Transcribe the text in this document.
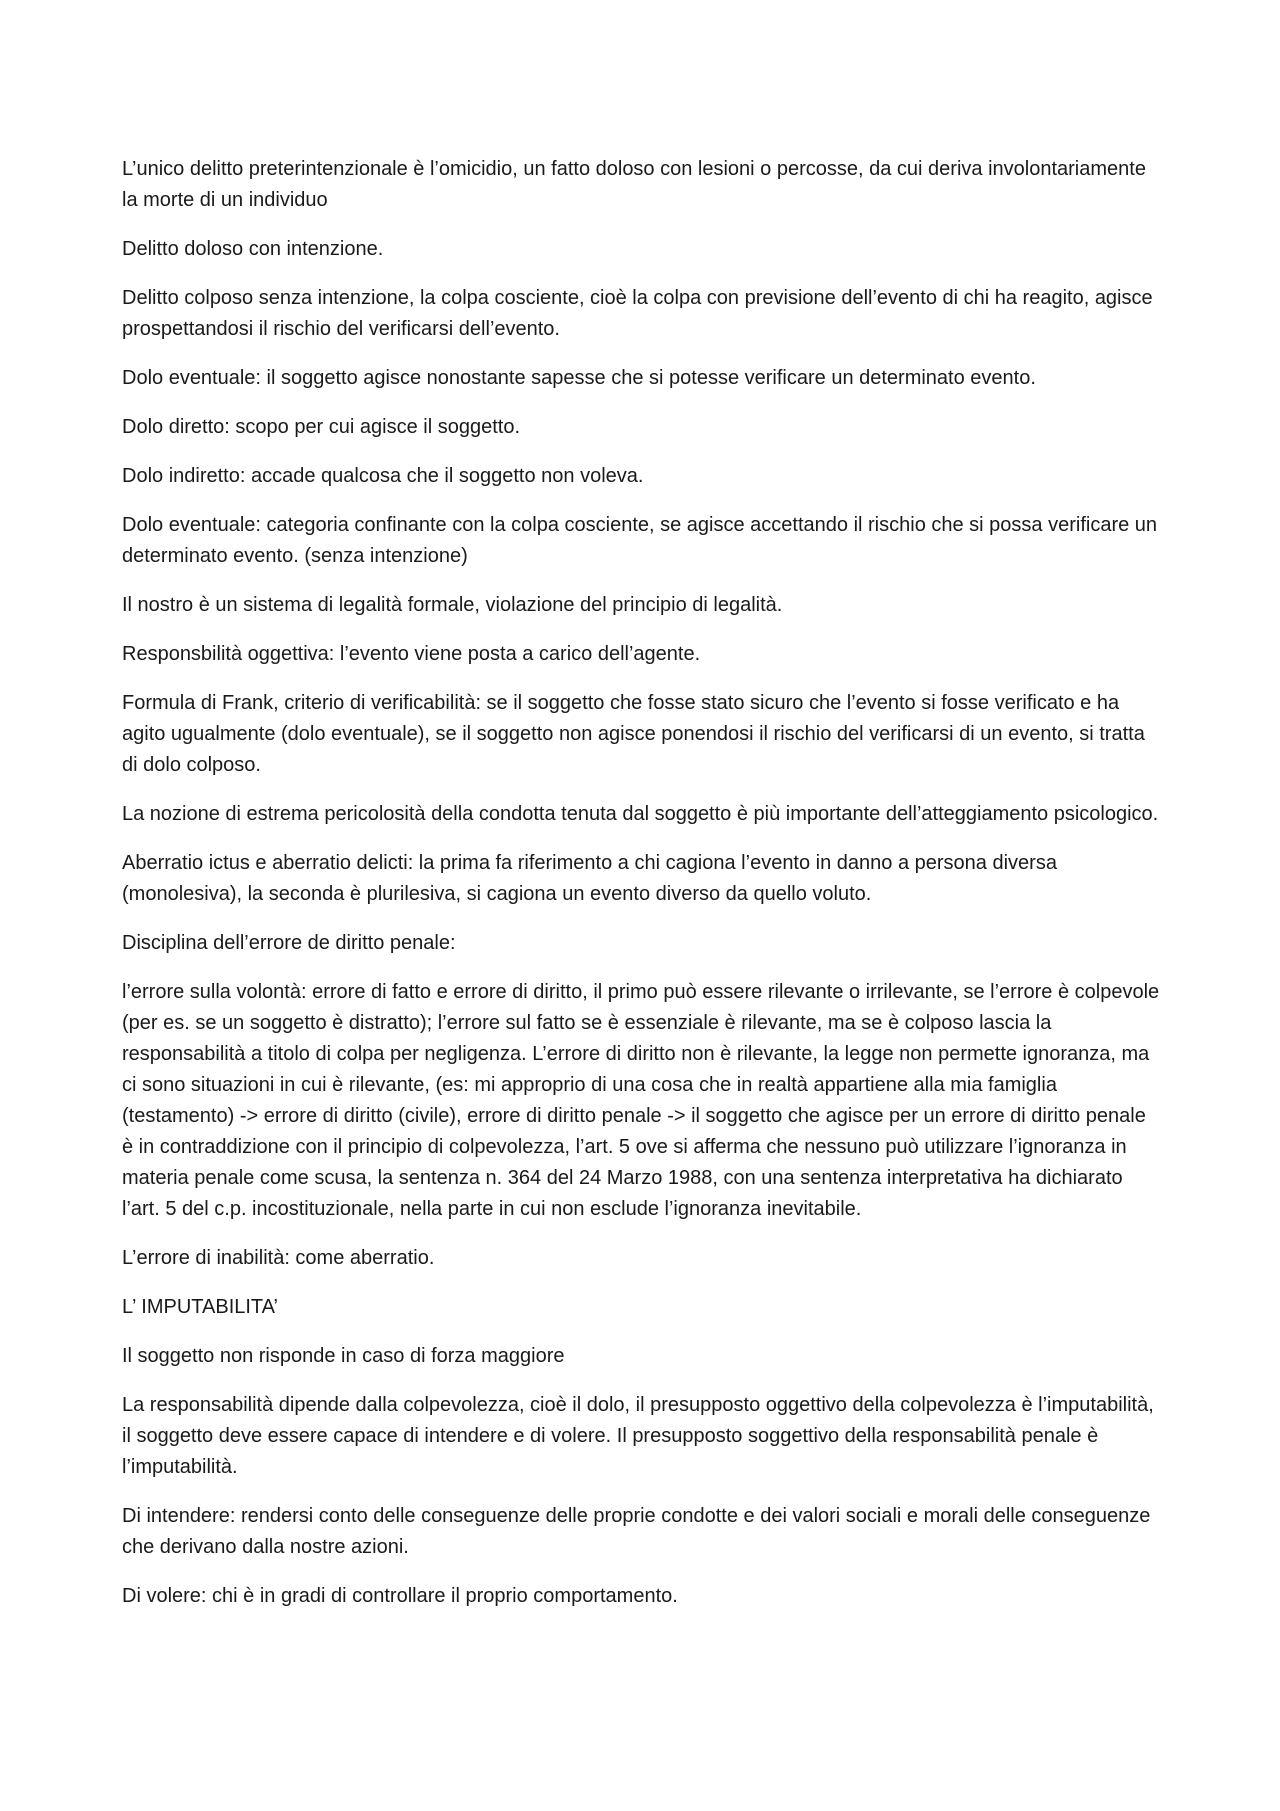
L’unico delitto preterintenzionale è l’omicidio, un fatto doloso con lesioni o percosse, da cui deriva involontariamente la morte di un individuo

Delitto doloso con intenzione.

Delitto colposo senza intenzione, la colpa cosciente, cioè la colpa con previsione dell’evento di chi ha reagito, agisce prospettandosi il rischio del verificarsi dell’evento.

Dolo eventuale: il soggetto agisce nonostante sapesse che si potesse verificare un determinato evento.

Dolo diretto: scopo per cui agisce il soggetto.

Dolo indiretto: accade qualcosa che il soggetto non voleva.

Dolo eventuale: categoria confinante con la colpa cosciente, se agisce accettando il rischio che si possa verificare un determinato evento. (senza intenzione)

Il nostro è un sistema di legalità formale, violazione del principio di legalità.

Responsbilità oggettiva: l’evento viene posta a carico dell’agente.

Formula di Frank, criterio di verificabilità: se il soggetto che fosse stato sicuro che l’evento si fosse verificato e ha agito ugualmente (dolo eventuale), se il soggetto non agisce ponendosi il rischio del verificarsi di un evento, si tratta di dolo colposo.

La nozione di estrema pericolosità della condotta tenuta dal soggetto è più importante dell’atteggiamento psicologico.

Aberratio ictus e aberratio delicti: la prima fa riferimento a chi cagiona l’evento in danno a persona diversa (monolesiva), la seconda è plurilesiva, si cagiona un evento diverso da quello voluto.

Disciplina dell’errore de diritto penale:

l’errore sulla volontà: errore di fatto e errore di diritto, il primo può essere rilevante o irrilevante, se l’errore è colpevole (per es. se un soggetto è distratto); l’errore sul fatto se è essenziale è rilevante, ma se è colposo lascia la responsabilità a titolo di colpa per negligenza. L’errore di diritto non è rilevante, la legge non permette ignoranza, ma ci sono situazioni in cui è rilevante, (es: mi approprio di una cosa che in realtà appartiene alla mia famiglia (testamento) -> errore di diritto (civile), errore di diritto penale -> il soggetto che agisce per un errore di diritto penale è in contraddizione con il principio di colpevolezza, l’art. 5 ove si afferma che nessuno può utilizzare l’ignoranza in materia penale come scusa, la sentenza n. 364 del 24 Marzo 1988, con una sentenza interpretativa ha dichiarato l’art. 5 del c.p. incostituzionale, nella parte in cui non esclude l’ignoranza inevitabile.

L’errore di inabilità: come aberratio.

L’ IMPUTABILITA’

Il soggetto non risponde in caso di forza maggiore

La responsabilità dipende dalla colpevolezza, cioè il dolo, il presupposto oggettivo della colpevolezza è l’imputabilità, il soggetto deve essere capace di intendere e di volere. Il presupposto soggettivo della responsabilità penale è l’imputabilità.

Di intendere: rendersi conto delle conseguenze delle proprie condotte e dei valori sociali e morali delle conseguenze che derivano dalla nostre azioni.

Di volere: chi è in gradi di controllare il proprio comportamento.
